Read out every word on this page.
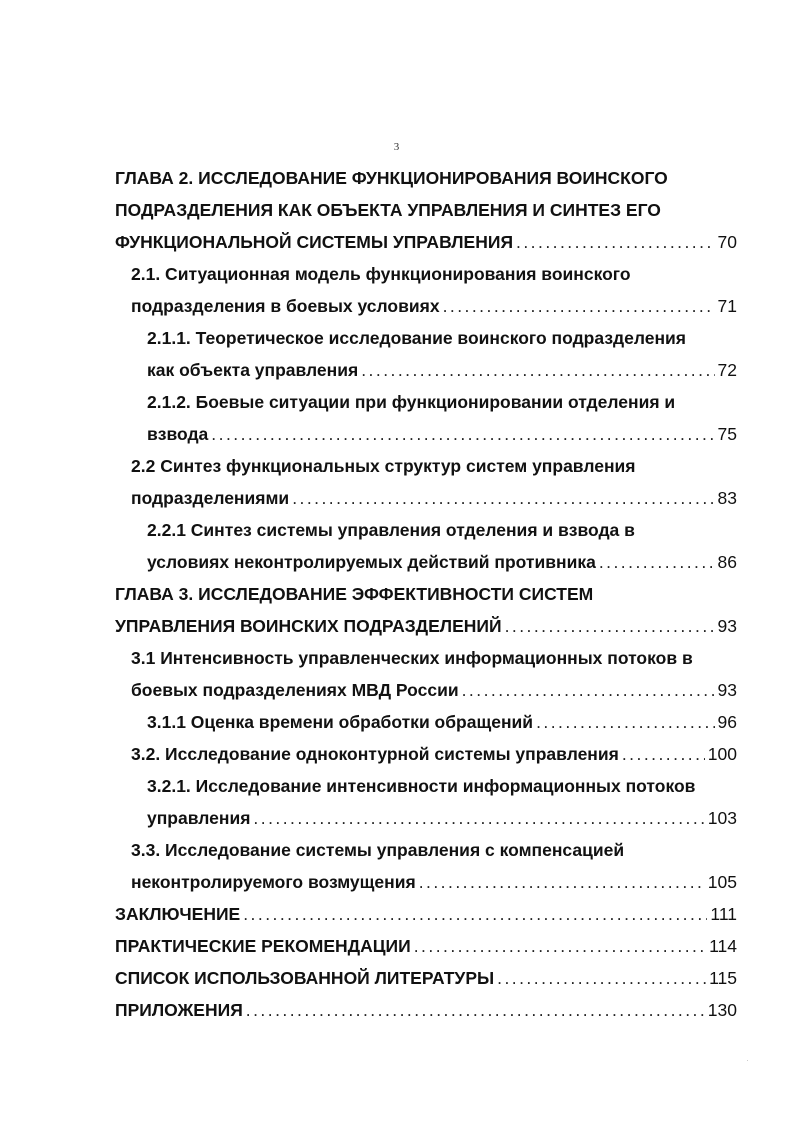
3
ГЛАВА 2. ИССЛЕДОВАНИЕ ФУНКЦИОНИРОВАНИЯ ВОИНСКОГО
ПОДРАЗДЕЛЕНИЯ КАК ОБЪЕКТА УПРАВЛЕНИЯ И СИНТЕЗ ЕГО
ФУНКЦИОНАЛЬНОЙ СИСТЕМЫ УПРАВЛЕНИЯ . . .	70
2.1. Ситуационная модель функционирования воинского
подразделения в боевых условиях . . .	71
2.1.1. Теоретическое исследование воинского подразделения
как объекта управления . . .	72
2.1.2. Боевые ситуации при функционировании отделения и
взвода . . .	75
2.2 Синтез функциональных структур систем управления
подразделениями . . .	83
2.2.1 Синтез системы управления отделения и взвода в
условиях неконтролируемых действий противника . . .	86
ГЛАВА 3. ИССЛЕДОВАНИЕ ЭФФЕКТИВНОСТИ СИСТЕМ
УПРАВЛЕНИЯ ВОИНСКИХ ПОДРАЗДЕЛЕНИЙ . . .	93
3.1 Интенсивность управленческих информационных потоков в
боевых подразделениях МВД России . . .	93
3.1.1 Оценка времени обработки обращений . . .	96
3.2. Исследование одноконтурной системы управления . . .	100
3.2.1. Исследование интенсивности информационных потоков
управления . . .	103
3.3. Исследование системы управления с компенсацией
неконтролируемого возмущения . . .	105
ЗАКЛЮЧЕНИЕ . . .	111
ПРАКТИЧЕСКИЕ РЕКОМЕНДАЦИИ . . .	114
СПИСОК ИСПОЛЬЗОВАННОЙ ЛИТЕРАТУРЫ . . .	115
ПРИЛОЖЕНИЯ . . .	130
